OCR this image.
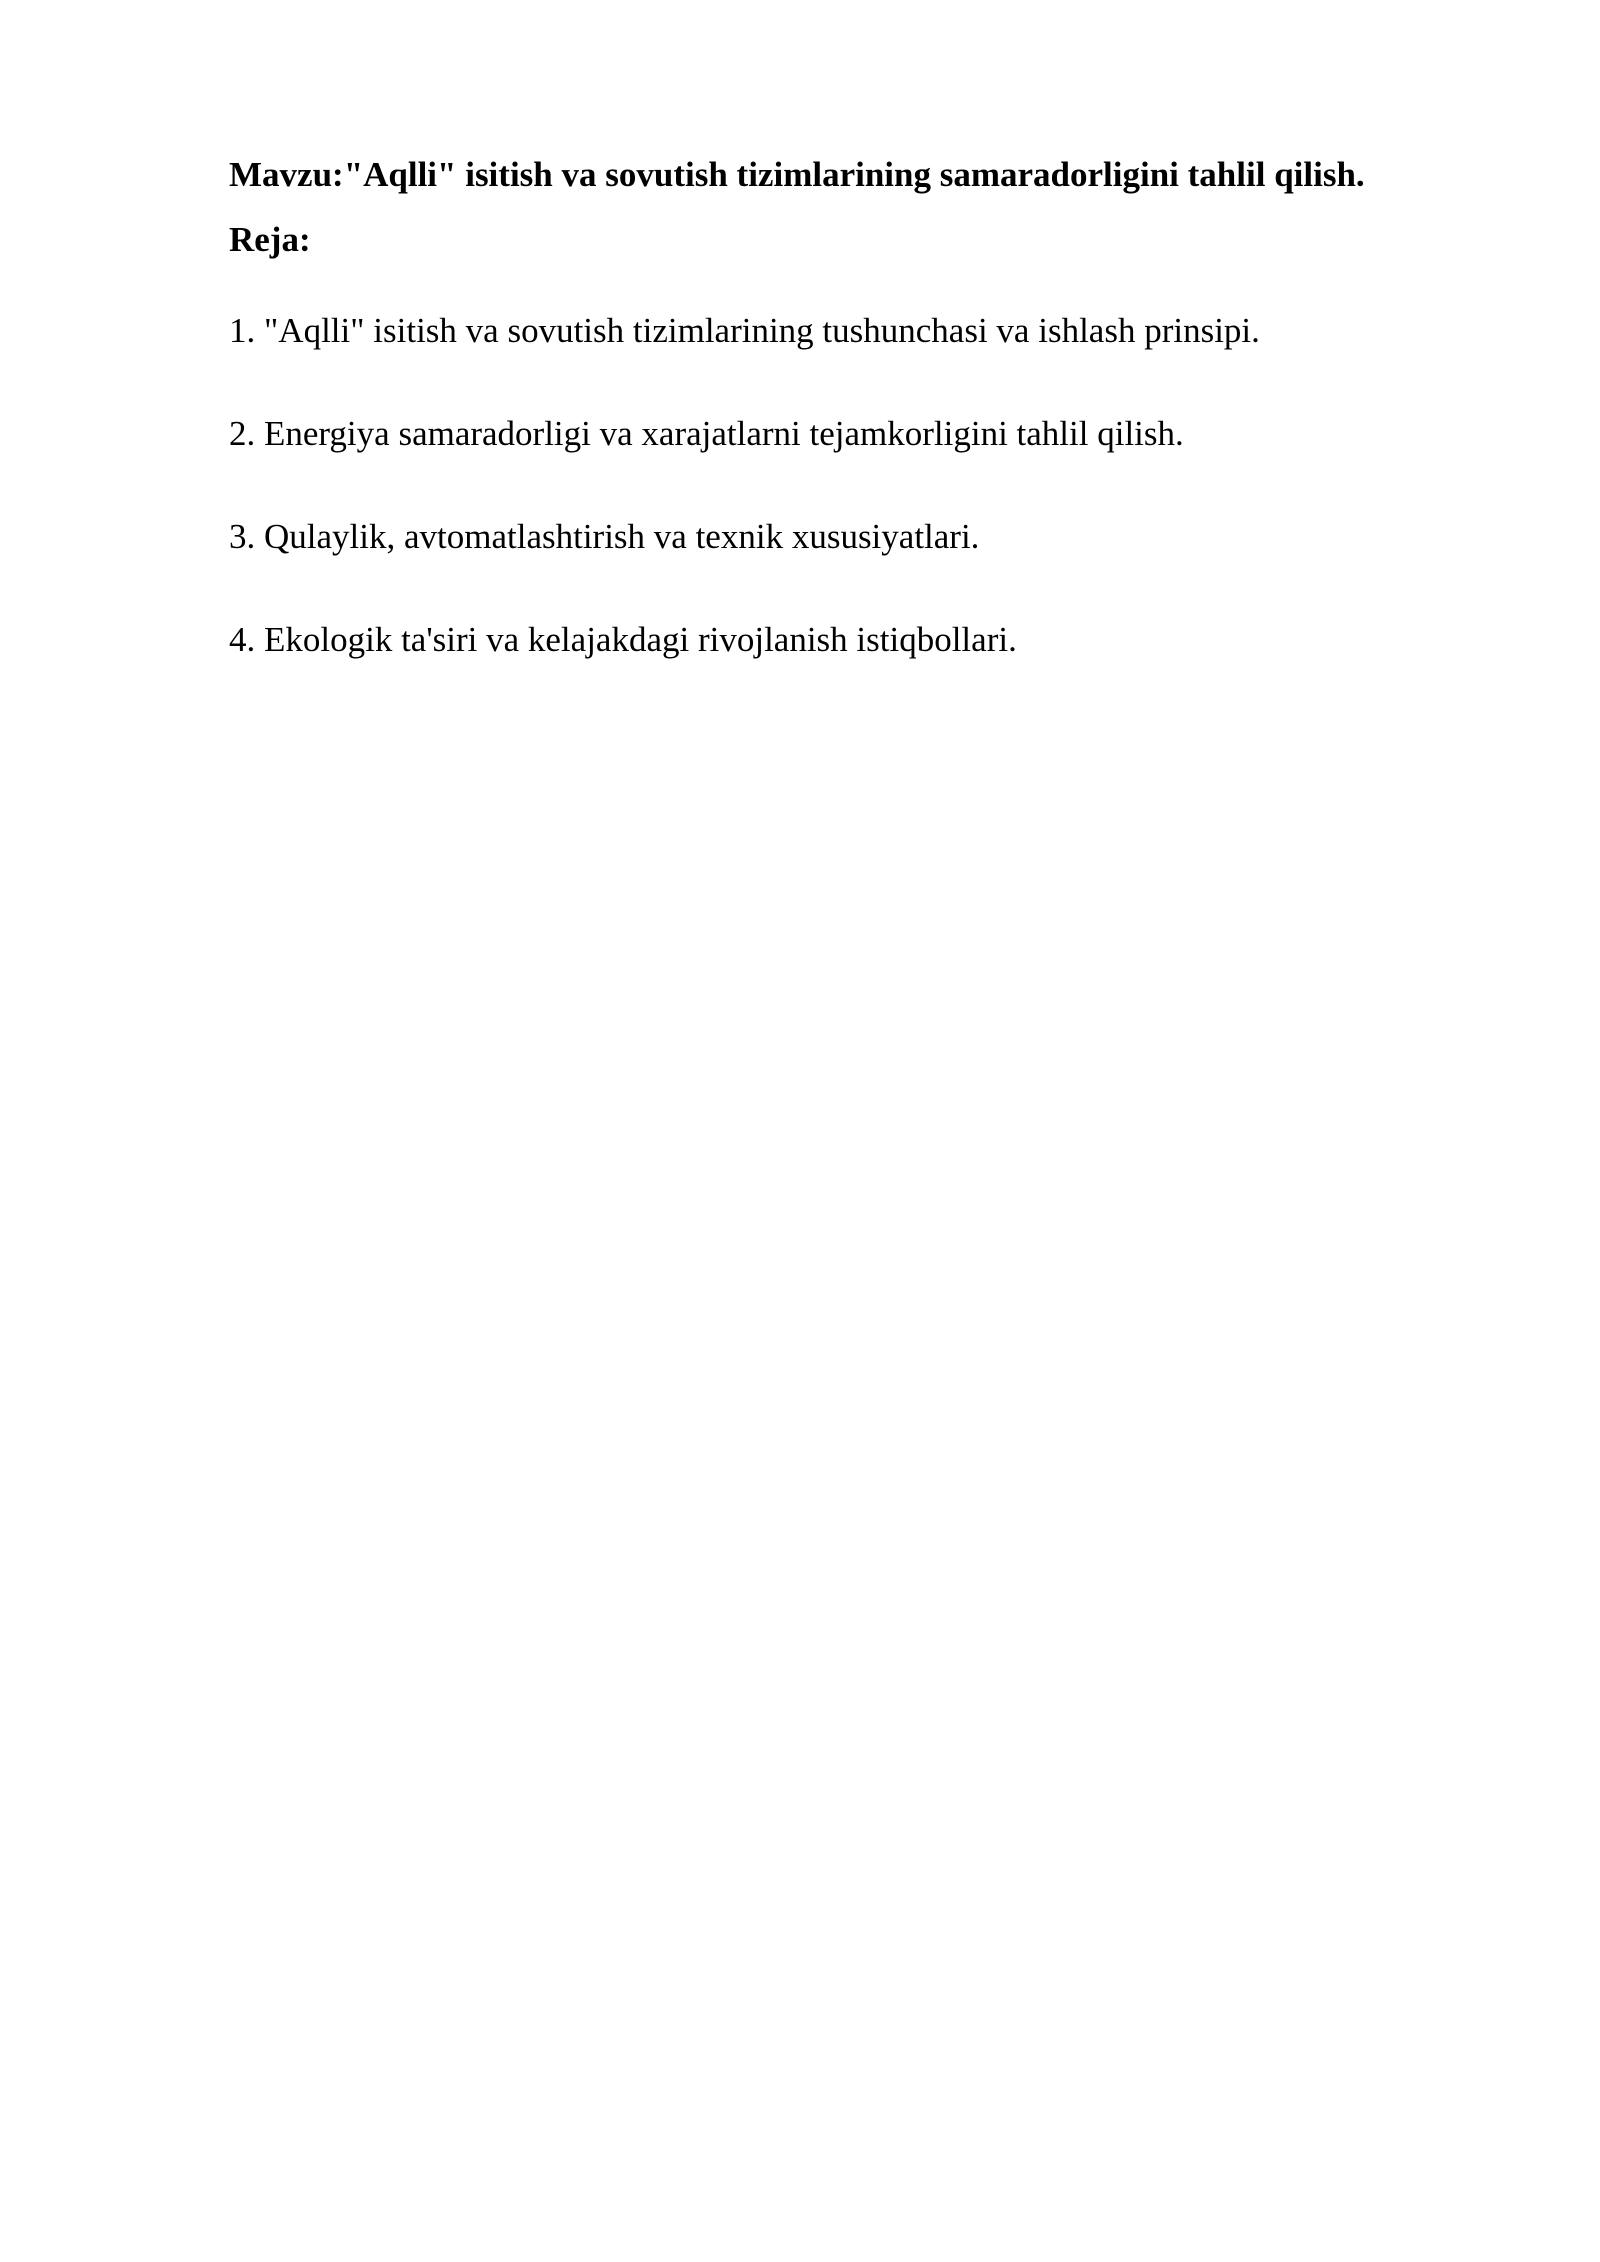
Mavzu:"Aqlli" isitish va sovutish tizimlarining samaradorligini tahlil qilish.

Reja:

1. "Aqlli" isitish va sovutish tizimlarining tushunchasi va ishlash prinsipi.
2. Energiya samaradorligi va xarajatlarni tejamkorligini tahlil qilish.
3. Qulaylik, avtomatlashtirish va texnik xususiyatlari.
4. Ekologik ta'siri va kelajakdagi rivojlanish istiqbollari.
